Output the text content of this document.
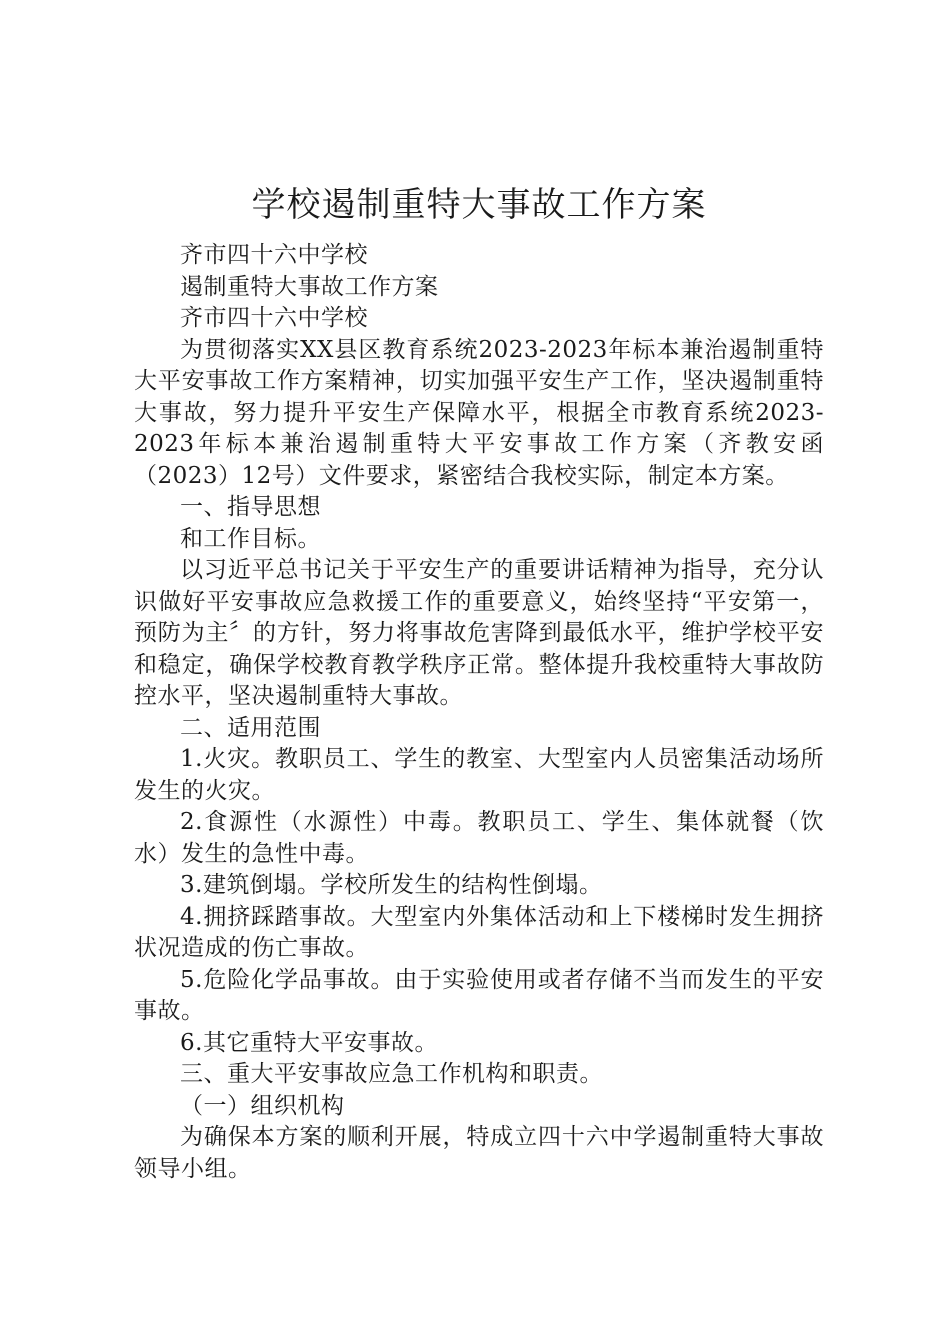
学校遏制重特大事故工作方案

齐市四十六中学校

遏制重特大事故工作方案

齐市四十六中学校

为贯彻落实XX县区教育系统2023-2023年标本兼治遏制重特大平安事故工作方案精神，切实加强平安生产工作，坚决遏制重特大事故，努力提升平安生产保障水平，根据全市教育系统2023-2023年标本兼治遏制重特大平安事故工作方案（齐教安函（2023）12号）文件要求，紧密结合我校实际，制定本方案。

一、指导思想

和工作目标。

以习近平总书记关于平安生产的重要讲话精神为指导，充分认识做好平安事故应急救援工作的重要意义，始终坚持“平安第一，预防为主〞的方针，努力将事故危害降到最低水平，维护学校平安和稳定，确保学校教育教学秩序正常。整体提升我校重特大事故防控水平，坚决遏制重特大事故。

二、适用范围

1.火灾。教职员工、学生的教室、大型室内人员密集活动场所发生的火灾。

2.食源性（水源性）中毒。教职员工、学生、集体就餐（饮水）发生的急性中毒。

3.建筑倒塌。学校所发生的结构性倒塌。

4.拥挤踩踏事故。大型室内外集体活动和上下楼梯时发生拥挤状况造成的伤亡事故。

5.危险化学品事故。由于实验使用或者存储不当而发生的平安事故。

6.其它重特大平安事故。

三、重大平安事故应急工作机构和职责。

（一）组织机构

为确保本方案的顺利开展，特成立四十六中学遏制重特大事故领导小组。
